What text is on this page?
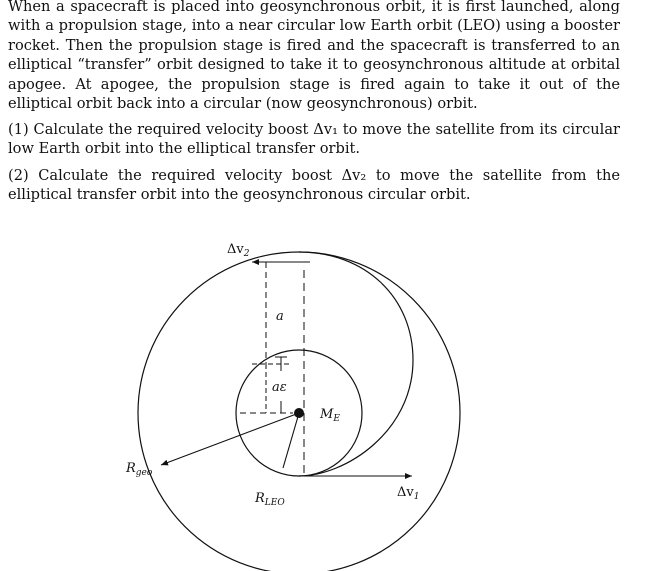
When a spacecraft is placed into geosynchronous orbit, it is first launched, along with a propulsion stage, into a near circular low Earth orbit (LEO) using a booster rocket. Then the propulsion stage is fired and the spacecraft is transferred to an elliptical “transfer” orbit designed to take it to geosynchronous altitude at orbital apogee. At apogee, the propulsion stage is fired again to take it out of the elliptical orbit back into a circular (now geosynchronous) orbit.

(1) Calculate the required velocity boost Δv₁ to move the satellite from its circular low Earth orbit into the elliptical transfer orbit.

(2) Calculate the required velocity boost Δv₂ to move the satellite from the elliptical transfer orbit into the geosynchronous circular orbit.

$\Delta v_2$
a
aε
$M_E$
$R_{geo}$
$R_{LEO}$
$\Delta v_1$
